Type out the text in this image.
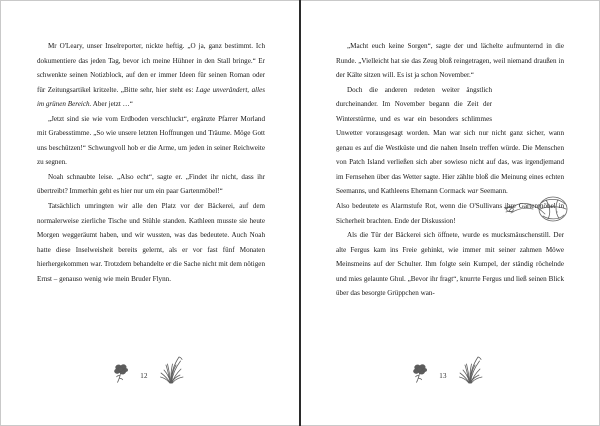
Mr O'Leary, unser Inselreporter, nickte heftig. „O ja, ganz bestimmt. Ich dokumentiere das jeden Tag, bevor ich meine Hühner in den Stall bringe.“ Er schwenkte seinen Notizblock, auf den er immer Ideen für seinen Roman oder für Zeitungsartikel kritzelte. „Bitte sehr, hier steht es: Lage unverändert, alles im grünen Bereich. Aber jetzt …“

„Jetzt sind sie wie vom Erdboden verschluckt“, ergänzte Pfarrer Morland mit Grabesstimme. „So wie unsere letzten Hoffnungen und Träume. Möge Gott uns beschützen!“ Schwungvoll hob er die Arme, um jeden in seiner Reichweite zu segnen.

Noah schnaubte leise. „Also echt“, sagte er. „Findet ihr nicht, dass ihr übertreibt? Immerhin geht es hier nur um ein paar Gartenmöbel!“

Tatsächlich umringten wir alle den Platz vor der Bäckerei, auf dem normalerweise zierliche Tische und Stühle standen. Kathleen musste sie heute Morgen weggeräumt haben, und wir wussten, was das bedeutete. Auch Noah hatte diese Inselweisheit bereits gelernt, als er vor fast fünf Monaten hierhergekommen war. Trotzdem behandelte er die Sache nicht mit dem nötigen Ernst – genauso wenig wie mein Bruder Flynn.

12

„Macht euch keine Sorgen“, sagte der und lächelte aufmunternd in die Runde. „Vielleicht hat sie das Zeug bloß reingetragen, weil niemand draußen in der Kälte sitzen will. Es ist ja schon November.“

Doch die anderen redeten weiter ängstlich durcheinander. Im November begann die Zeit der Winterstürme, und es war ein besonders schlimmes Unwetter vorausgesagt worden. Man war sich nur nicht ganz sicher, wann genau es auf die Westküste und die nahen Inseln treffen würde. Die Menschen von Patch Island verließen sich aber sowieso nicht auf das, was irgendjemand im Fernsehen über das Wetter sagte. Hier zählte bloß die Meinung eines echten Seemanns, und Kathleens Ehemann Cormack war Seemann.

Also bedeutete es Alarmstufe Rot, wenn die O'Sullivans ihre Gartenmöbel in Sicherheit brachten. Ende der Diskussion!

Als die Tür der Bäckerei sich öffnete, wurde es mucksmäuschenstill. Der alte Fergus kam ins Freie gehinkt, wie immer mit seiner zahmen Möwe Meinsmeins auf der Schulter. Ihm folgte sein Kumpel, der ständig röchelnde und mies gelaunte Ghul. „Bevor ihr fragt“, knurrte Fergus und ließ seinen Blick über das besorgte Grüppchen wan-

13
